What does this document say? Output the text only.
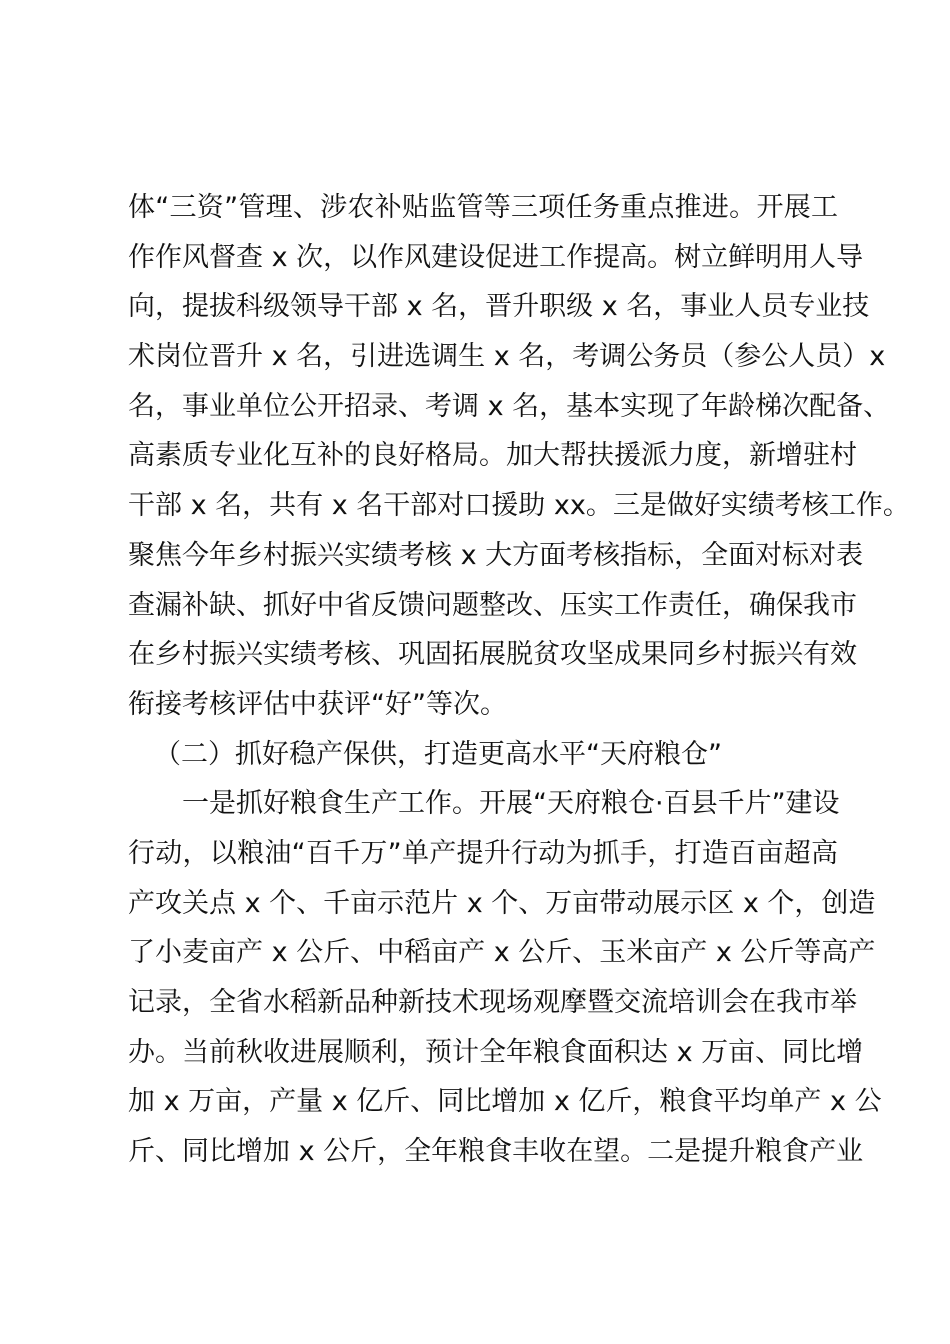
体“三资”管理、涉农补贴监管等三项任务重点推进。开展工
作作风督查 x 次，以作风建设促进工作提高。树立鲜明用人导
向，提拔科级领导干部 x 名，晋升职级 x 名，事业人员专业技
术岗位晋升 x 名，引进选调生 x 名，考调公务员（参公人员）x
名，事业单位公开招录、考调 x 名，基本实现了年龄梯次配备、
高素质专业化互补的良好格局。加大帮扶援派力度，新增驻村
干部 x 名，共有 x 名干部对口援助 xx。三是做好实绩考核工作。
聚焦今年乡村振兴实绩考核 x 大方面考核指标，全面对标对表
查漏补缺、抓好中省反馈问题整改、压实工作责任，确保我市
在乡村振兴实绩考核、巩固拓展脱贫攻坚成果同乡村振兴有效
衔接考核评估中获评“好”等次。
（二）抓好稳产保供，打造更高水平“天府粮仓”
一是抓好粮食生产工作。开展“天府粮仓·百县千片”建设
行动，以粮油“百千万”单产提升行动为抓手，打造百亩超高
产攻关点 x 个、千亩示范片 x 个、万亩带动展示区 x 个，创造
了小麦亩产 x 公斤、中稻亩产 x 公斤、玉米亩产 x 公斤等高产
记录，全省水稻新品种新技术现场观摩暨交流培训会在我市举
办。当前秋收进展顺利，预计全年粮食面积达 x 万亩、同比增
加 x 万亩，产量 x 亿斤、同比增加 x 亿斤，粮食平均单产 x 公
斤、同比增加 x 公斤，全年粮食丰收在望。二是提升粮食产业
